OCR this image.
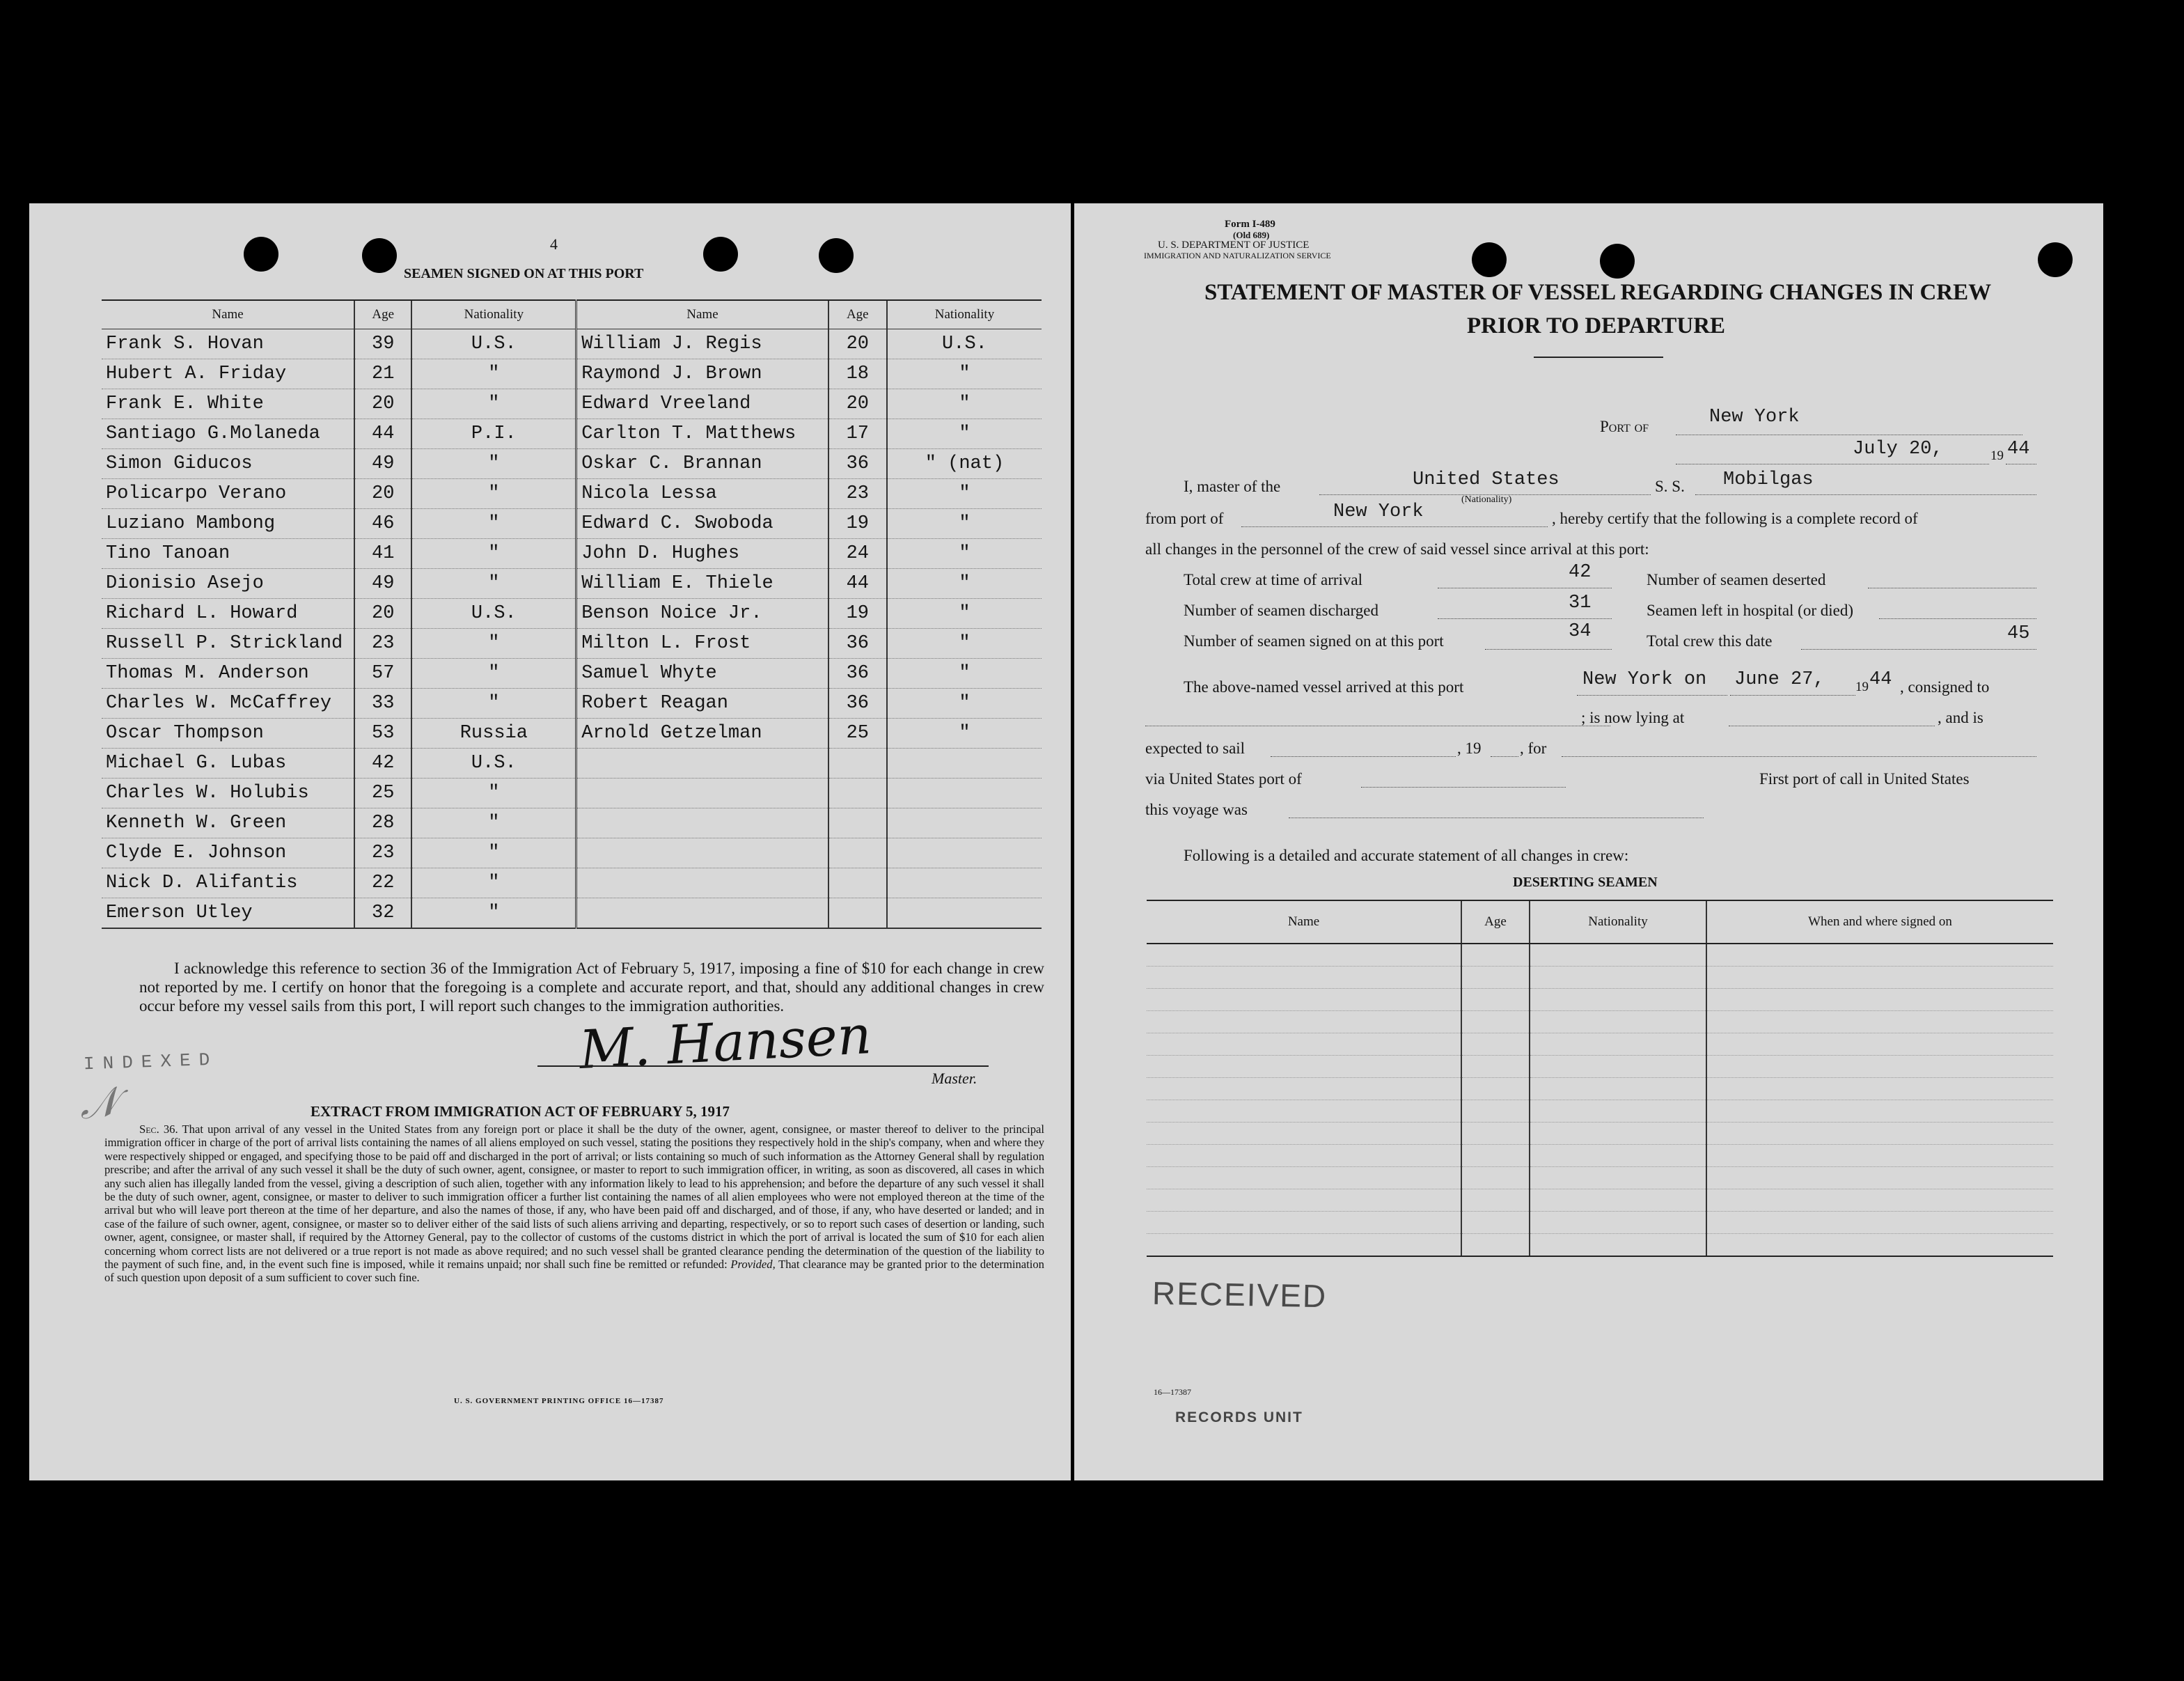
4
SEAMEN SIGNED ON AT THIS PORT
Name	Age	Nationality	Name	Age	Nationality
Frank S. Hovan	39	U.S.	William J. Regis	20	U.S.
Hubert A. Friday	21	"	Raymond J. Brown	18	"
Frank E. White	20	"	Edward Vreeland	20	"
Santiago G.Molaneda	44	P.I.	Carlton T. Matthews	17	"
Simon Giducos	49	"	Oskar C. Brannan	36	" (nat)
Policarpo Verano	20	"	Nicola Lessa	23	"
Luziano Mambong	46	"	Edward C. Swoboda	19	"
Tino Tanoan	41	"	John D. Hughes	24	"
Dionisio Asejo	49	"	William E. Thiele	44	"
Richard L. Howard	20	U.S.	Benson Noice Jr.	19	"
Russell P. Strickland	23	"	Milton L. Frost	36	"
Thomas M. Anderson	57	"	Samuel Whyte	36	"
Charles W. McCaffrey	33	"	Robert Reagan	36	"
Oscar Thompson	53	Russia	Arnold Getzelman	25	"
Michael G. Lubas	42	U.S.			
Charles W. Holubis	25	"			
Kenneth W. Green	28	"			
Clyde E. Johnson	23	"			
Nick D. Alifantis	22	"			
Emerson Utley	32	"			
I acknowledge this reference to section 36 of the Immigration Act of February 5, 1917, imposing a fine of $10 for each change in crew not reported by me. I certify on honor that the foregoing is a complete and accurate report, and that, should any additional changes in crew occur before my vessel sails from this port, I will report such changes to the immigration authorities.
M. Hansen	Master.
INDEXED
𝒩	EXTRACT FROM IMMIGRATION ACT OF FEBRUARY 5, 1917
Sec. 36. That upon arrival of any vessel in the United States from any foreign port or place it shall be the duty of the owner, agent, consignee, or master thereof to deliver to the principal immigration officer in charge of the port of arrival lists containing the names of all aliens employed on such vessel, stating the positions they respectively hold in the ship's company, when and where they were respectively shipped or engaged, and specifying those to be paid off and discharged in the port of arrival; or lists containing so much of such information as the Attorney General shall by regulation prescribe; and after the arrival of any such vessel it shall be the duty of such owner, agent, consignee, or master to report to such immigration officer, in writing, as soon as discovered, all cases in which any such alien has illegally landed from the vessel, giving a description of such alien, together with any information likely to lead to his apprehension; and before the departure of any such vessel it shall be the duty of such owner, agent, consignee, or master to deliver to such immigration officer a further list containing the names of all alien employees who were not employed thereon at the time of the arrival but who will leave port thereon at the time of her departure, and also the names of those, if any, who have been paid off and discharged, and of those, if any, who have deserted or landed; and in case of the failure of such owner, agent, consignee, or master so to deliver either of the said lists of such aliens arriving and departing, respectively, or so to report such cases of desertion or landing, such owner, agent, consignee, or master shall, if required by the Attorney General, pay to the collector of customs of the customs district in which the port of arrival is located the sum of $10 for each alien concerning whom correct lists are not delivered or a true report is not made as above required; and no such vessel shall be granted clearance pending the determination of the question of the liability to the payment of such fine, and, in the event such fine is imposed, while it remains unpaid; nor shall such fine be remitted or refunded: Provided, That clearance may be granted prior to the determination of such question upon deposit of a sum sufficient to cover such fine.
U. S. GOVERNMENT PRINTING OFFICE 16—17387
Form I-489
(Old 689)
U. S. DEPARTMENT OF JUSTICE
IMMIGRATION AND NATURALIZATION SERVICE
STATEMENT OF MASTER OF VESSEL REGARDING CHANGES IN CREW
PRIOR TO DEPARTURE
Port of	New York
July 20,	19 44
I, master of the	United States
(Nationality)
S. S. Mobilgas
from port of	New York	, hereby certify that the following is a complete record of
all changes in the personnel of the crew of said vessel since arrival at this port:
Total crew at time of arrival	42	Number of seamen deserted
Number of seamen discharged	31	Seamen left in hospital (or died)
Number of seamen signed on at this port	34	Total crew this date	45
The above-named vessel arrived at this port	New York on June 27, 19 44 , consigned to
; is now lying at	, and is
expected to sail	, 19 , for
via United States port of	First port of call in United States
this voyage was
Following is a detailed and accurate statement of all changes in crew:
DESERTING SEAMEN
Name	Age	Nationality	When and where signed on

RECEIVED
16—17387
RECORDS UNIT
